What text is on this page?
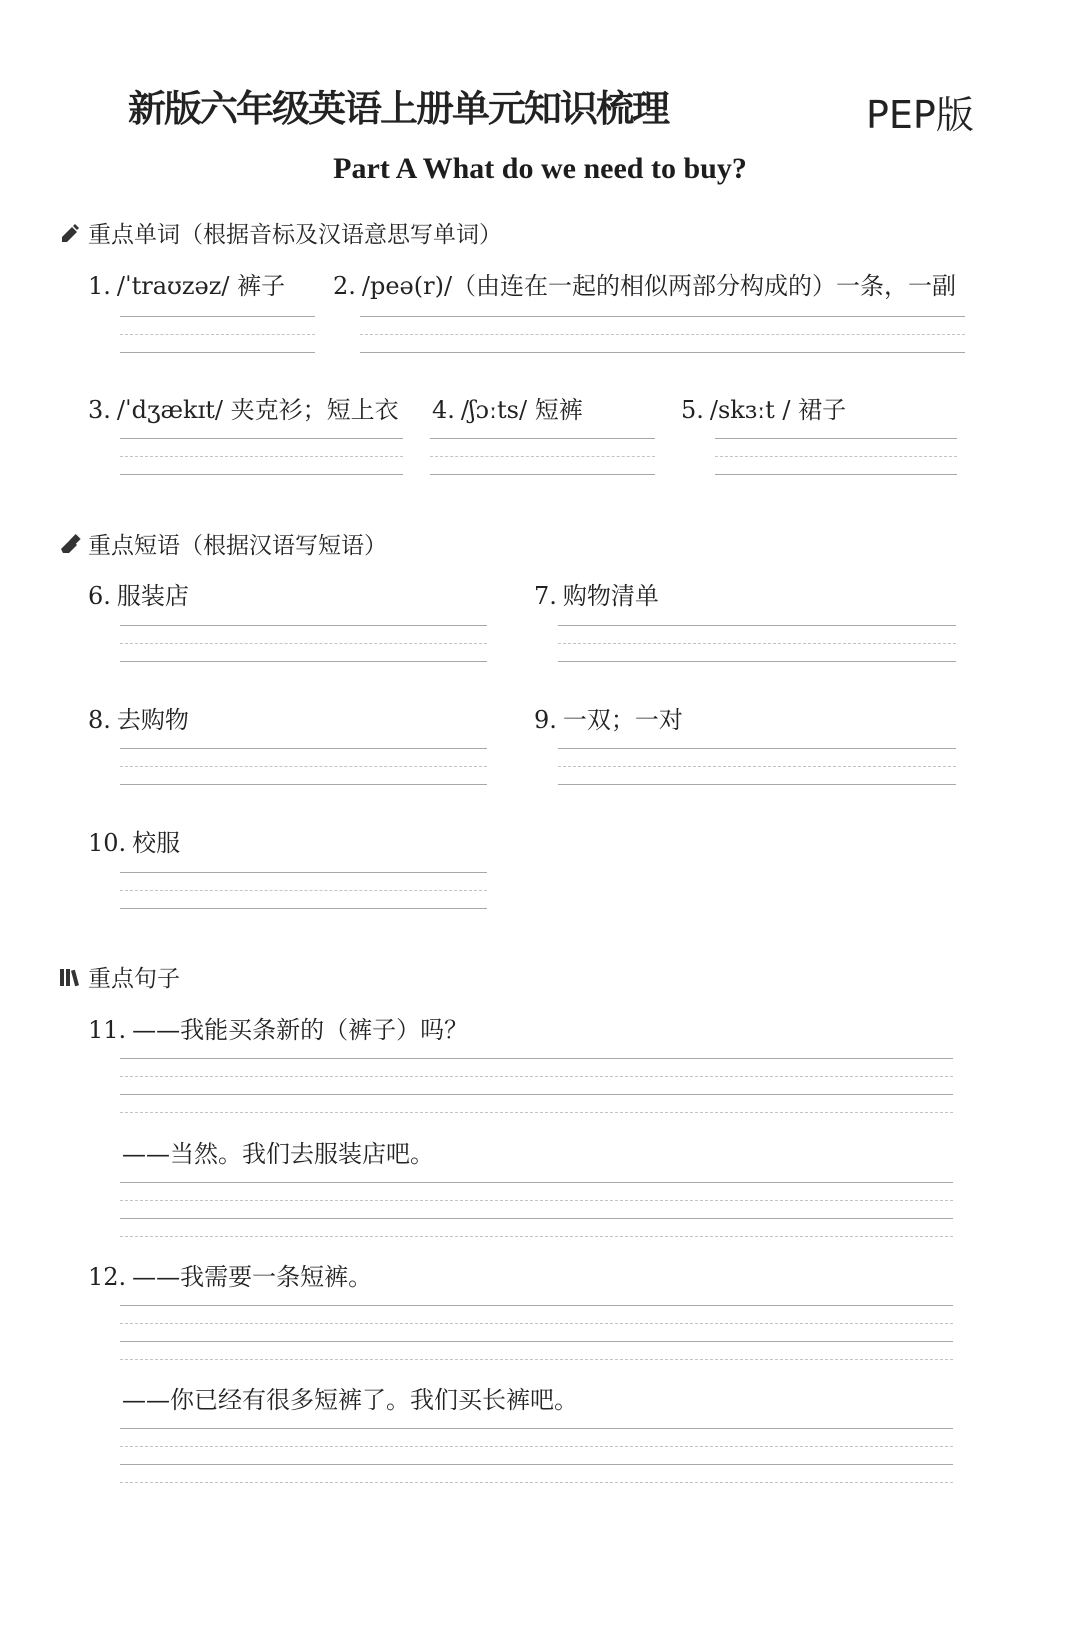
新版六年级英语上册单元知识梳理	PEP版
Part A What do we need to buy?
重点单词（根据音标及汉语意思写单词）
1. /ˈtraʊzəz/ 裤子 2. /peə(r)/（由连在一起的相似两部分构成的）一条，一副
3. /ˈdʒækɪt/ 夹克衫；短上衣 4. /ʃɔːts/ 短裤	5. /skɜːt / 裙子
重点短语（根据汉语写短语）
6. 服装店	7. 购物清单
8. 去购物	9. 一双；一对
10. 校服
重点句子
11. ——我能买条新的（裤子）吗？
——当然。我们去服装店吧。
12. ——我需要一条短裤。
——你已经有很多短裤了。我们买长裤吧。
